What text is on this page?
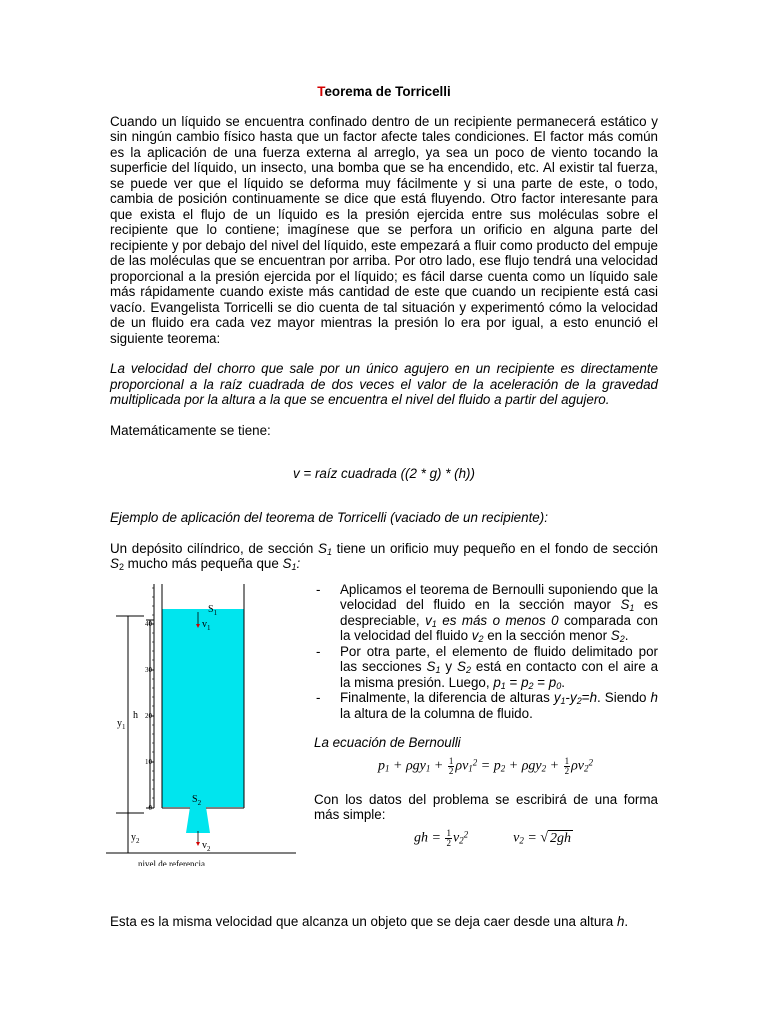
Teorema de Torricelli

Cuando un líquido se encuentra confinado dentro de un recipiente permanecerá estático y sin ningún cambio físico hasta que un factor afecte tales condiciones. El factor más común es la aplicación de una fuerza externa al arreglo, ya sea un poco de viento tocando la superficie del líquido, un insecto, una bomba que se ha encendido, etc. Al existir tal fuerza, se puede ver que el líquido se deforma muy fácilmente y si una parte de este, o todo, cambia de posición continuamente se dice que está fluyendo. Otro factor interesante para que exista el flujo de un líquido es la presión ejercida entre sus moléculas sobre el recipiente que lo contiene; imagínese que se perfora un orificio en alguna parte del recipiente y por debajo del nivel del líquido, este empezará a fluir como producto del empuje de las moléculas que se encuentran por arriba. Por otro lado, ese flujo tendrá una velocidad proporcional a la presión ejercida por el líquido; es fácil darse cuenta como un líquido sale más rápidamente cuando existe más cantidad de este que cuando un recipiente está casi vacío. Evangelista Torricelli se dio cuenta de tal situación y experimentó cómo la velocidad de un fluido era cada vez mayor mientras la presión lo era por igual, a esto enunció el siguiente teorema:

La velocidad del chorro que sale por un único agujero en un recipiente es directamente proporcional a la raíz cuadrada de dos veces el valor de la aceleración de la gravedad multiplicada por la altura a la que se encuentra el nivel del fluido a partir del agujero.

Matemáticamente se tiene:

v = raíz cuadrada ((2 * g) * (h))

Ejemplo de aplicación del teorema de Torricelli (vaciado de un recipiente):

Un depósito cilíndrico, de sección $S_1$ tiene un orificio muy pequeño en el fondo de sección $S_2$ mucho más pequeña que $S_1$:

40
30
20
10
0
$S_1$
$v_1$
$S_2$
$v_2$
$y_1$
h
$y_2$
nivel de referencia
- Aplicamos el teorema de Bernoulli suponiendo que la velocidad del fluido en la sección mayor $S_1$ es despreciable, $v_1$ es más o menos 0 comparada con la velocidad del fluido $v_2$ en la sección menor $S_2$.
- Por otra parte, el elemento de fluido delimitado por las secciones $S_1$ y $S_2$ está en contacto con el aire a la misma presión. Luego, $p_1 = p_2 = p_0$.
- Finalmente, la diferencia de alturas $y_1-y_2=h$. Siendo h la altura de la columna de fluido.

La ecuación de Bernoulli

$p_1 + \rho gy_1 + \frac{1}{2} \rho v_1^2 = p_2 + \rho gy_2 + \frac{1}{2} \rho v_2^2$

Con los datos del problema se escribirá de una forma más simple:

gh = $\frac{1}{2} v_2^2$	$v_2$ = √ 2gh

Esta es la misma velocidad que alcanza un objeto que se deja caer desde una altura h.
